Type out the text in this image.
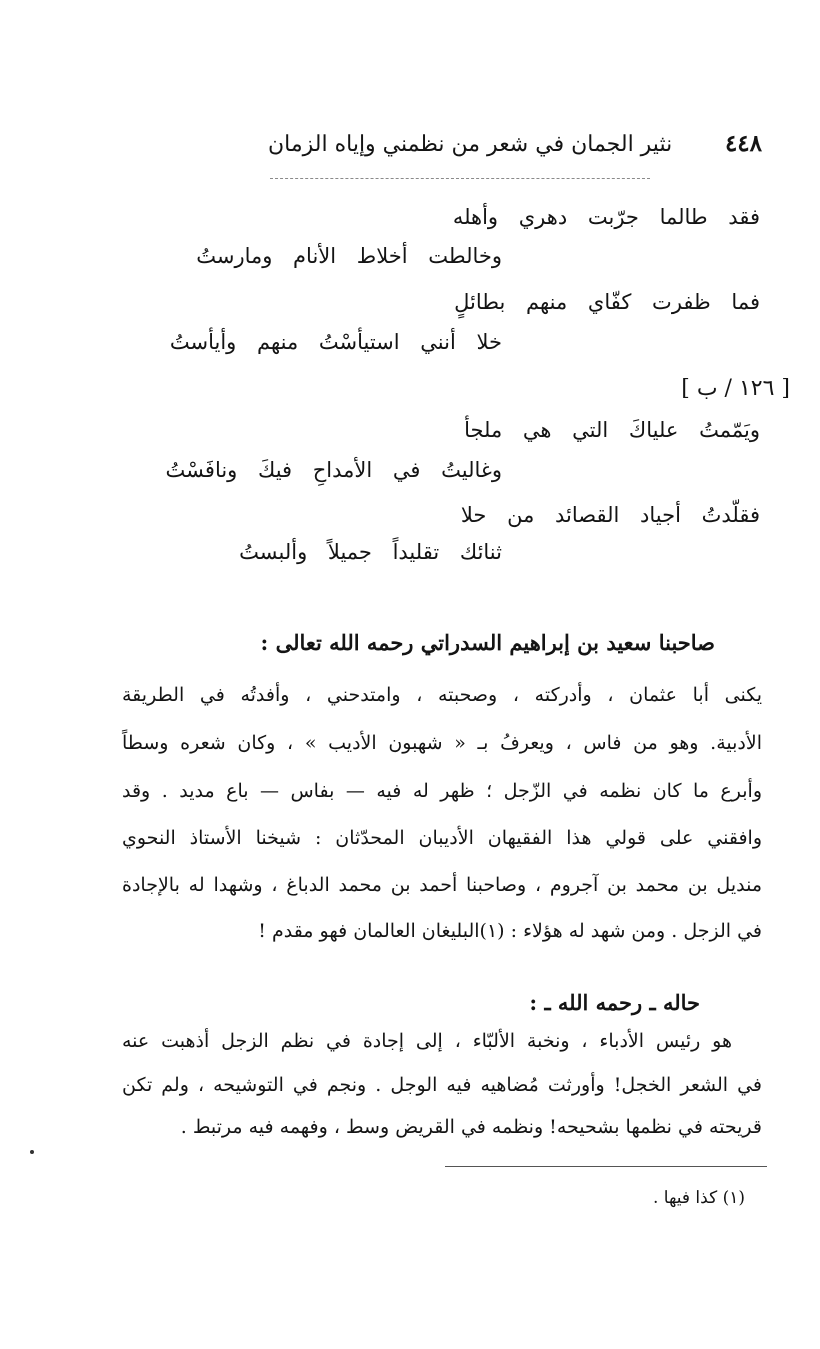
٤٤٨
نثير الجمان في شعر من نظمني وإياه الزمان
فقد طالما جرّبت دهري وأهله
وخالطت أخلاط الأنام ومارستُ
فما ظفرت كفّاي منهم بطائلٍ
خلا أنني استيأسْتُ منهم وأيأستُ
[ ١٢٦ / ب ]
ويَمّمتُ علياكَ التي هي ملجأ
وغاليتُ في الأمداحِ فيكَ ونافَسْتُ
فقلّدتُ أجياد القصائد من حلا
ثنائك تقليداً جميلاً وألبستُ
صاحبنا سعيد بن إبراهيم السدراتي رحمه الله تعالى :
يكنى أبا عثمان ، وأدركته ، وصحبته ، وامتدحني ، وأفدتُه في الطريقة
الأدبية. وهو من فاس ، ويعرفُ بـ « شهبون الأديب » ، وكان شعره وسطاً
وأبرع ما كان نظمه في الزّجل ؛ ظهر له فيه — بفاس — باع مديد . وقد
وافقني على قولي هذا الفقيهان الأديبان المحدّثان : شيخنا الأستاذ النحوي
منديل بن محمد بن آجروم ، وصاحبنا أحمد بن محمد الدباغ ، وشهدا له بالإجادة
في الزجل . ومن شهد له هؤلاء : (١)البليغان العالمان فهو مقدم !
حاله ـ رحمه الله ـ :
هو رئيس الأدباء ، ونخبة الألبّاء ، إلى إجادة في نظم الزجل أذهبت عنه
في الشعر الخجل! وأورثت مُضاهيه فيه الوجل . ونجم في التوشيحه ، ولم تكن
قريحته في نظمها بشحيحه! ونظمه في القريض وسط ، وفهمه فيه مرتبط .
(١) كذا فيها .
